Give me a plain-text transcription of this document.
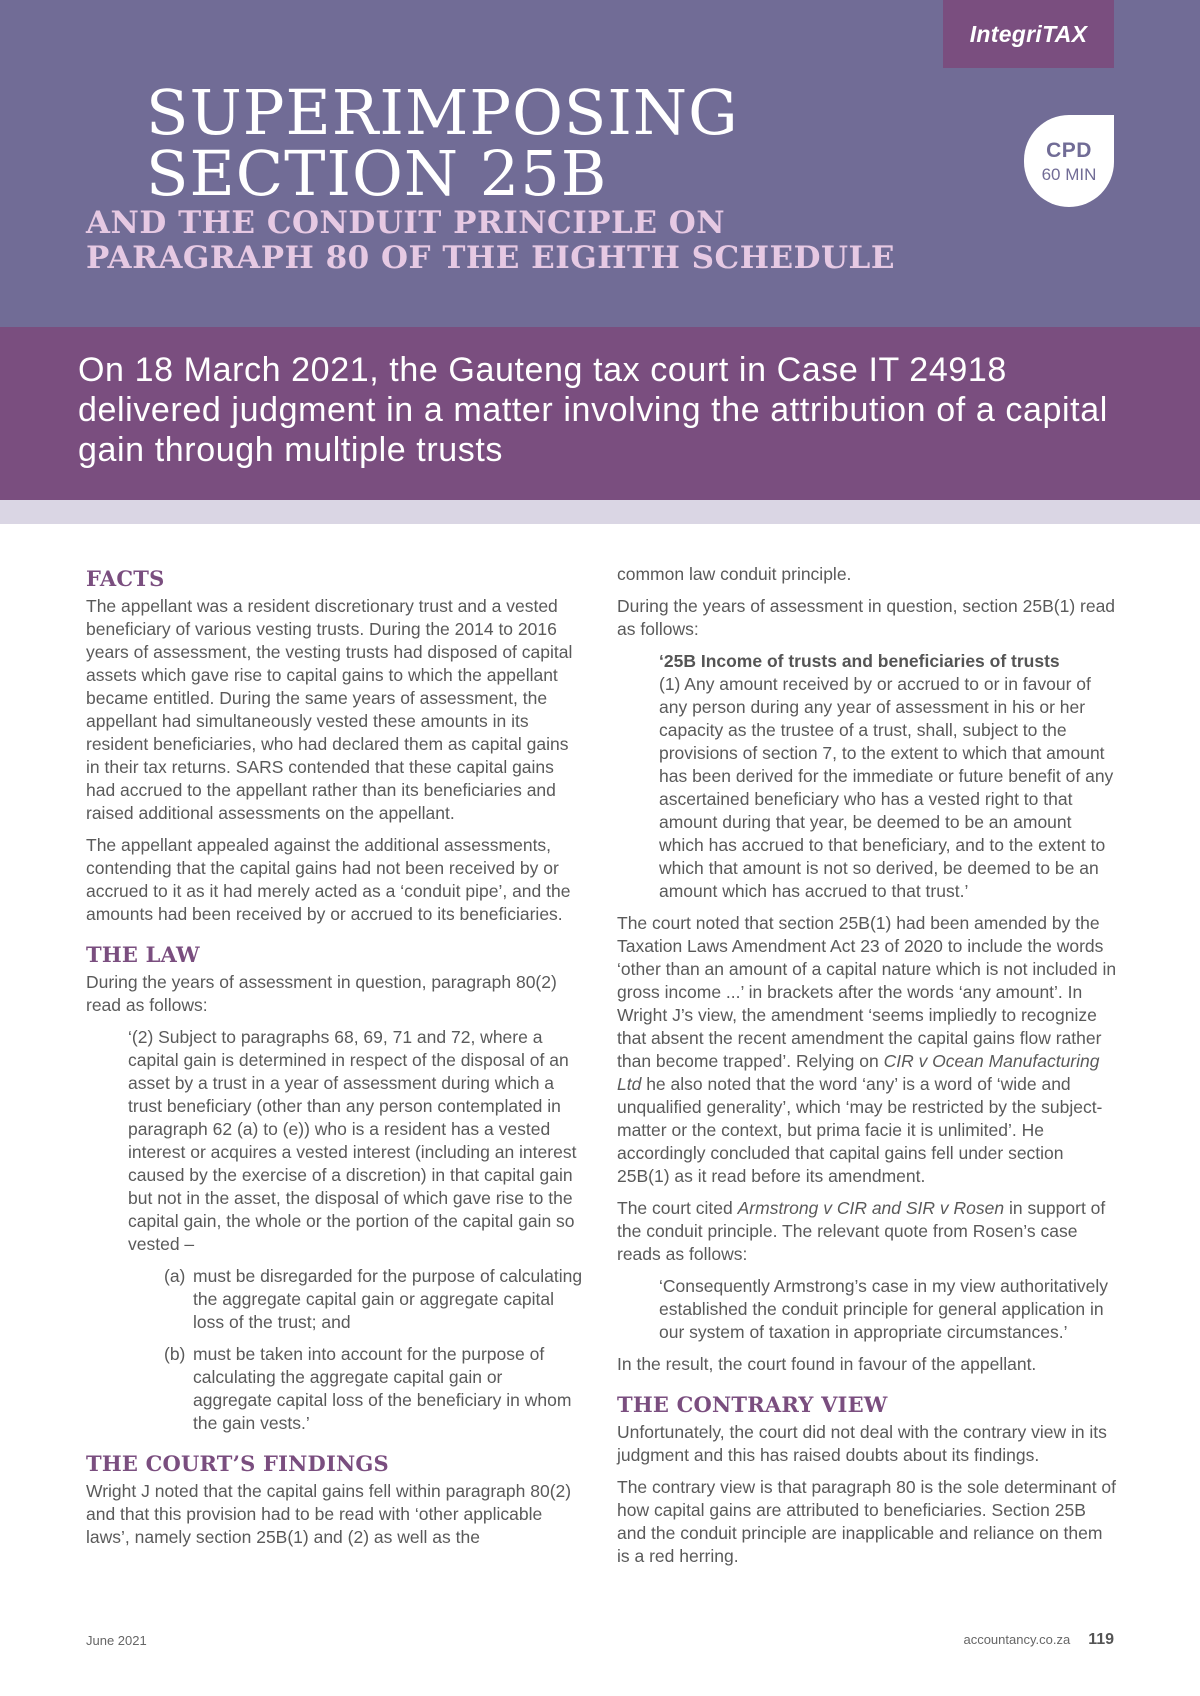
IntegriTAX
SUPERIMPOSING
SECTION 25B
AND THE CONDUIT PRINCIPLE ON
PARAGRAPH 80 OF THE EIGHTH SCHEDULE
CPD
60 MIN

On 18 March 2021, the Gauteng tax court in Case IT 24918 delivered judgment in a matter involving the attribution of a capital gain through multiple trusts

FACTS

The appellant was a resident discretionary trust and a vested beneficiary of various vesting trusts. During the 2014 to 2016 years of assessment, the vesting trusts had disposed of capital assets which gave rise to capital gains to which the appellant became entitled. During the same years of assessment, the appellant had simultaneously vested these amounts in its resident beneficiaries, who had declared them as capital gains in their tax returns. SARS contended that these capital gains had accrued to the appellant rather than its beneficiaries and raised additional assessments on the appellant.

The appellant appealed against the additional assessments, contending that the capital gains had not been received by or accrued to it as it had merely acted as a ‘conduit pipe’, and the amounts had been received by or accrued to its beneficiaries.

THE LAW

During the years of assessment in question, paragraph 80(2) read as follows:

‘(2) Subject to paragraphs 68, 69, 71 and 72, where a capital gain is determined in respect of the disposal of an asset by a trust in a year of assessment during which a trust beneficiary (other than any person contemplated in paragraph 62 (a) to (e)) who is a resident has a vested interest or acquires a vested interest (including an interest caused by the exercise of a discretion) in that capital gain but not in the asset, the disposal of which gave rise to the capital gain, the whole or the portion of the capital gain so vested –

(a) must be disregarded for the purpose of calculating the aggregate capital gain or aggregate capital loss of the trust; and
(b) must be taken into account for the purpose of calculating the aggregate capital gain or aggregate capital loss of the beneficiary in whom the gain vests.’
THE COURT’S FINDINGS

Wright J noted that the capital gains fell within paragraph 80(2) and that this provision had to be read with ‘other applicable laws’, namely section 25B(1) and (2) as well as the

common law conduit principle.

During the years of assessment in question, section 25B(1) read as follows:

‘25B Income of trusts and beneficiaries of trusts
(1) Any amount received by or accrued to or in favour of any person during any year of assessment in his or her capacity as the trustee of a trust, shall, subject to the provisions of section 7, to the extent to which that amount has been derived for the immediate or future benefit of any ascertained beneficiary who has a vested right to that amount during that year, be deemed to be an amount which has accrued to that beneficiary, and to the extent to which that amount is not so derived, be deemed to be an amount which has accrued to that trust.’

The court noted that section 25B(1) had been amended by the Taxation Laws Amendment Act 23 of 2020 to include the words ‘other than an amount of a capital nature which is not included in gross income ...’ in brackets after the words ‘any amount’. In Wright J’s view, the amendment ‘seems impliedly to recognize that absent the recent amendment the capital gains flow rather than become trapped’. Relying on CIR v Ocean Manufacturing Ltd he also noted that the word ‘any’ is a word of ‘wide and unqualified generality’, which ‘may be restricted by the subject-matter or the context, but prima facie it is unlimited’. He accordingly concluded that capital gains fell under section 25B(1) as it read before its amendment.

The court cited Armstrong v CIR and SIR v Rosen in support of the conduit principle. The relevant quote from Rosen’s case reads as follows:

‘Consequently Armstrong’s case in my view authoritatively established the conduit principle for general application in our system of taxation in appropriate circumstances.’

In the result, the court found in favour of the appellant.

THE CONTRARY VIEW

Unfortunately, the court did not deal with the contrary view in its judgment and this has raised doubts about its findings.

The contrary view is that paragraph 80 is the sole determinant of how capital gains are attributed to beneficiaries. Section 25B and the conduit principle are inapplicable and reliance on them is a red herring.

June 2021	accountancy.co.za 119
